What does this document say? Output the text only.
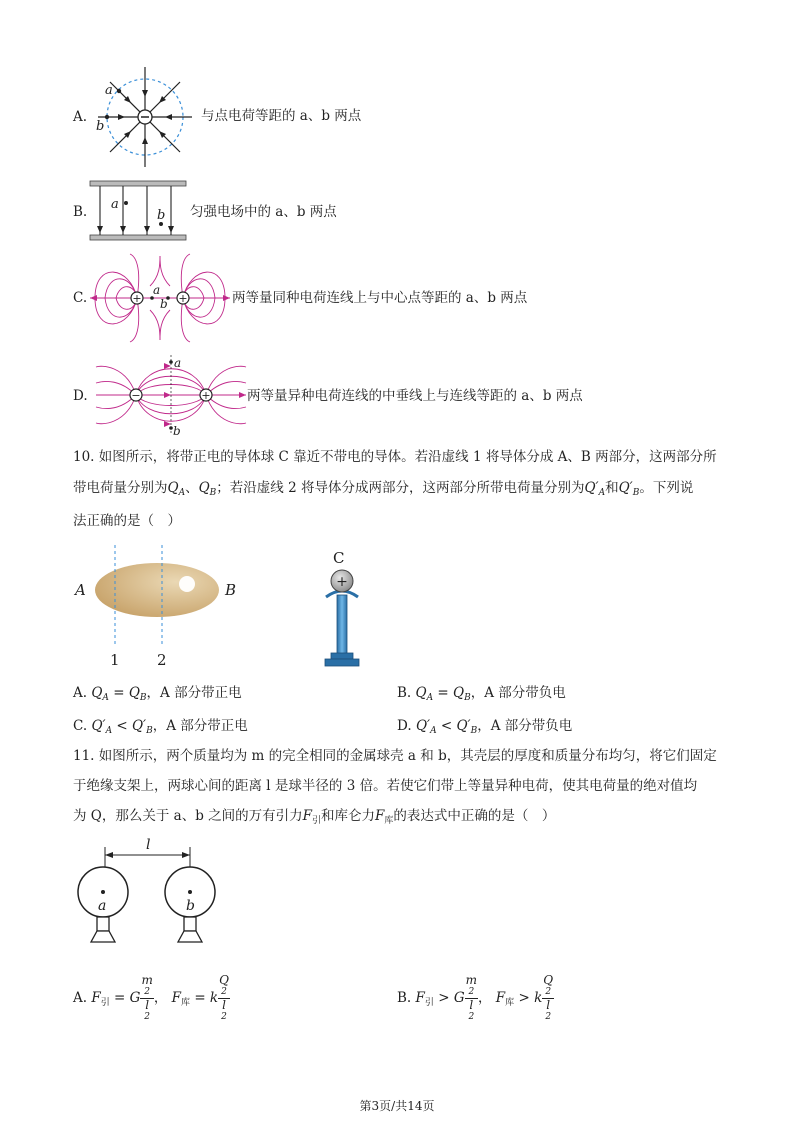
A.
a
b
与点电荷等距的 a、b 两点
B. a
b 匀强电场中的 a、b 两点
C.	+	+
a
b	两等量同种电荷连线上与中心点等距的 a、b 两点
D.	−	+
a
b
两等量异种电荷连线的中垂线上与连线等距的 a、b 两点
10. 如图所示，将带正电的导体球 C 靠近不带电的导体。若沿虚线 1 将导体分成 A、B 两部分，这两部分所
带电荷量分别为$Q_A$、$Q_B$；若沿虚线 2 将导体分成两部分，这两部分所带电荷量分别为$Q'_A$和$Q'_B$。下列说
法正确的是（　）
A	B
1 2
C
+
A. $Q_A = Q_B$，A 部分带正电	B. $Q_A = Q_B$，A 部分带负电
C. $Q'_A < Q'_B$，A 部分带正电	D. $Q'_A < Q'_B$，A 部分带负电
11. 如图所示，两个质量均为 m 的完全相同的金属球壳 a 和 b，其壳层的厚度和质量分布均匀，将它们固定
于绝缘支架上，两球心间的距离 l 是球半径的 3 倍。若使它们带上等量异种电荷，使其电荷量的绝对值均
为 Q，那么关于 a、b 之间的万有引力$F_引$和库仑力$F_库$的表达式中正确的是（　）
l
a	b
A. $F_引 = G$ m
2
l
2 ， $F_库 = k$ Q
2
l
2	B. $F_引 > G$ m
2
l
2 ， $F_库 > k$ Q
2
l
2
第3页/共14页
